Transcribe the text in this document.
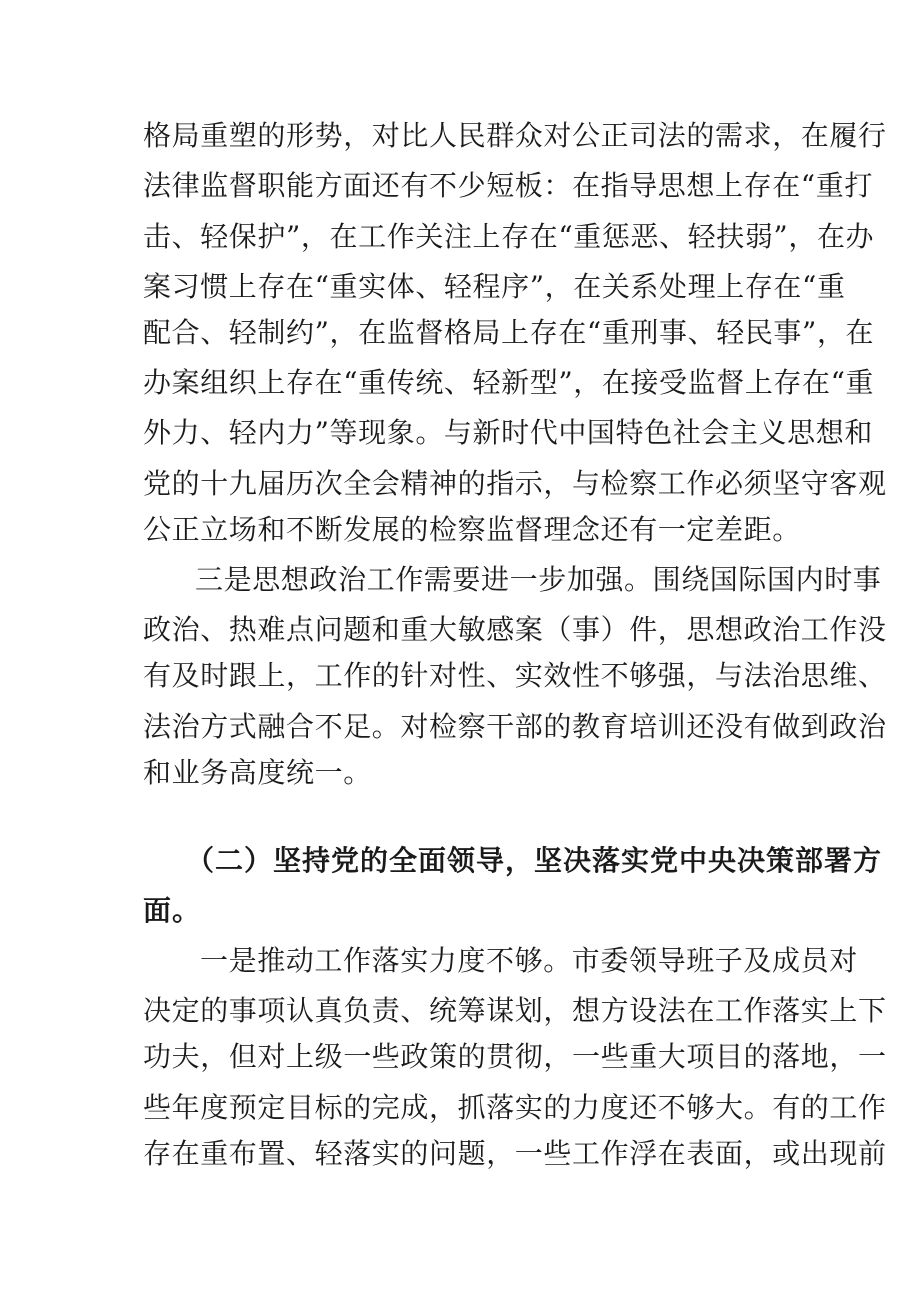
格局重塑的形势，对比人民群众对公正司法的需求，在履行
法律监督职能方面还有不少短板：在指导思想上存在“重打
击、轻保护”，在工作关注上存在“重惩恶、轻扶弱”，在办
案习惯上存在“重实体、轻程序”，在关系处理上存在“重
配合、轻制约”，在监督格局上存在“重刑事、轻民事”，在
办案组织上存在“重传统、轻新型”，在接受监督上存在“重
外力、轻内力”等现象。与新时代中国特色社会主义思想和
党的十九届历次全会精神的指示，与检察工作必须坚守客观
公正立场和不断发展的检察监督理念还有一定差距。
三是思想政治工作需要进一步加强。围绕国际国内时事
政治、热难点问题和重大敏感案（事）件，思想政治工作没
有及时跟上，工作的针对性、实效性不够强，与法治思维、
法治方式融合不足。对检察干部的教育培训还没有做到政治
和业务高度统一。
（二）坚持党的全面领导，坚决落实党中央决策部署方
面。
一是推动工作落实力度不够。市委领导班子及成员对
决定的事项认真负责、统筹谋划，想方设法在工作落实上下
功夫，但对上级一些政策的贯彻，一些重大项目的落地，一
些年度预定目标的完成，抓落实的力度还不够大。有的工作
存在重布置、轻落实的问题，一些工作浮在表面，或出现前
